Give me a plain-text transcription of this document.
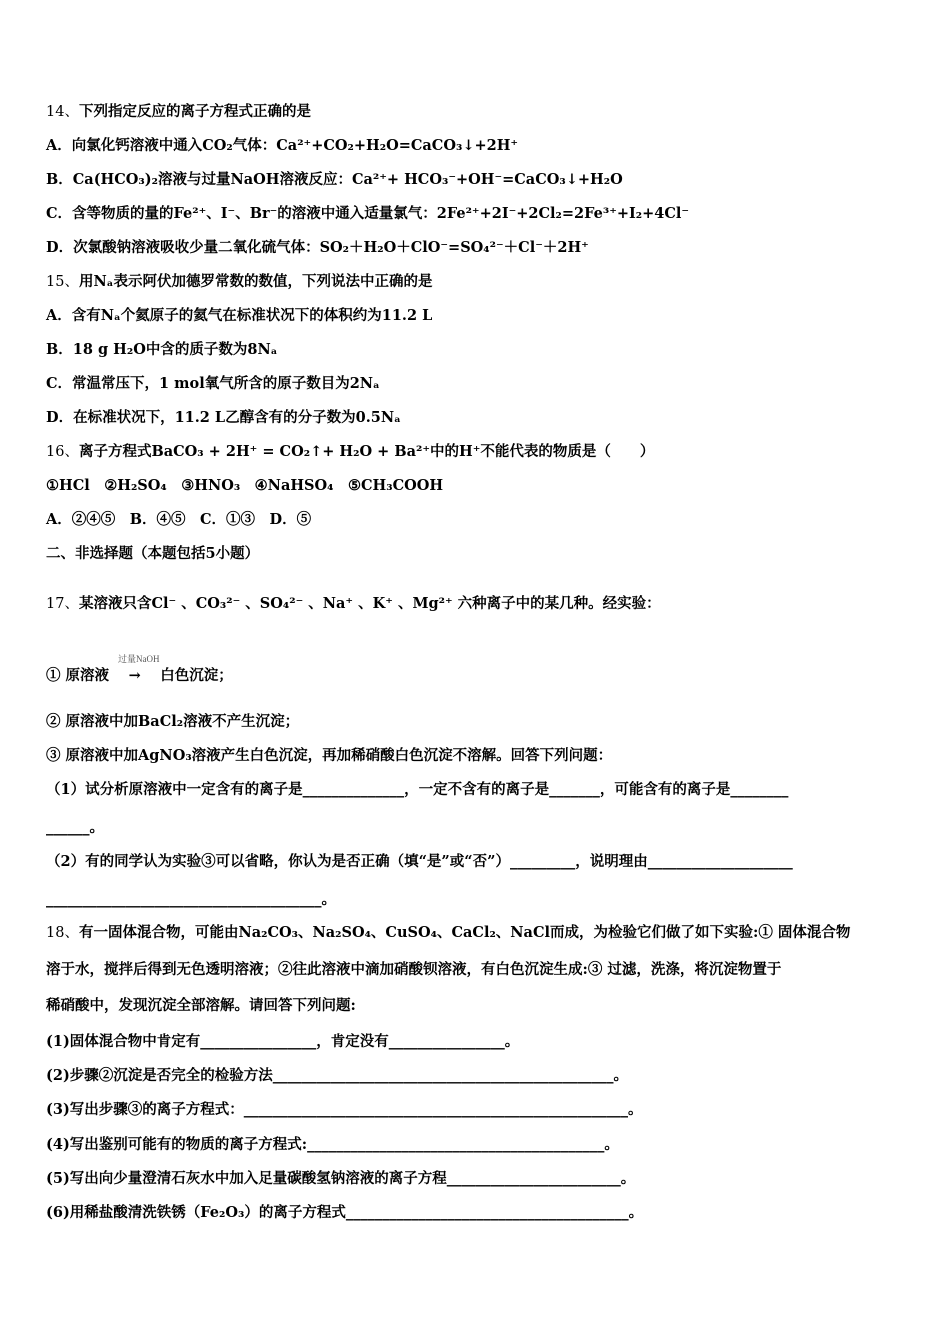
14、下列指定反应的离子方程式正确的是
A．向氯化钙溶液中通入CO₂气体：Ca²⁺+CO₂+H₂O=CaCO₃↓+2H⁺
B．Ca(HCO₃)₂溶液与过量NaOH溶液反应：Ca²⁺+ HCO₃⁻+OH⁻=CaCO₃↓+H₂O
C．含等物质的量的Fe²⁺、I⁻、Br⁻的溶液中通入适量氯气：2Fe²⁺+2I⁻+2Cl₂=2Fe³⁺+I₂+4Cl⁻
D．次氯酸钠溶液吸收少量二氧化硫气体：SO₂＋H₂O＋ClO⁻=SO₄²⁻＋Cl⁻＋2H⁺
15、用Nₐ表示阿伏加德罗常数的数值，下列说法中正确的是
A．含有Nₐ个氦原子的氦气在标准状况下的体积约为11.2 L
B．18 g H₂O中含的质子数为8Nₐ
C．常温常压下，1 mol氧气所含的原子数目为2Nₐ
D．在标准状况下，11.2 L乙醇含有的分子数为0.5Nₐ
16、离子方程式BaCO₃ + 2H⁺ = CO₂↑+ H₂O + Ba²⁺中的H⁺不能代表的物质是（　　）
①HCl　②H₂SO₄　③HNO₃　④NaHSO₄　⑤CH₃COOH
A．②④⑤　B．④⑤　C．①③　D．⑤
二、非选择题（本题包括5小题）
17、某溶液只含Cl⁻ 、CO₃²⁻ 、SO₄²⁻ 、Na⁺ 、K⁺ 、Mg²⁺ 六种离子中的某几种。经实验：
① 原溶液　 →　 白色沉淀；
② 原溶液中加BaCl₂溶液不产生沉淀；
③ 原溶液中加AgNO₃溶液产生白色沉淀，再加稀硝酸白色沉淀不溶解。回答下列问题：
（1）试分析原溶液中一定含有的离子是______________，一定不含有的离子是_______，可能含有的离子是________
______。
（2）有的同学认为实验③可以省略，你认为是否正确（填“是”或“否”）_________，说明理由____________________
______________________________________。
18、有一固体混合物，可能由Na₂CO₃、Na₂SO₄、CuSO₄、CaCl₂、NaCl而成，为检验它们做了如下实验:① 固体混合物
溶于水，搅拌后得到无色透明溶液；②往此溶液中滴加硝酸钡溶液，有白色沉淀生成:③ 过滤，洗涤，将沉淀物置于
稀硝酸中，发现沉淀全部溶解。请回答下列问题:
(1)固体混合物中肯定有________________，肯定没有________________。
(2)步骤②沉淀是否完全的检验方法_______________________________________________。
(3)写出步骤③的离子方程式：_____________________________________________________。
(4)写出鉴别可能有的物质的离子方程式:_________________________________________。
(5)写出向少量澄清石灰水中加入足量碳酸氢钠溶液的离子方程________________________。
(6)用稀盐酸清洗铁锈（Fe₂O₃）的离子方程式_______________________________________。
过量NaOH
